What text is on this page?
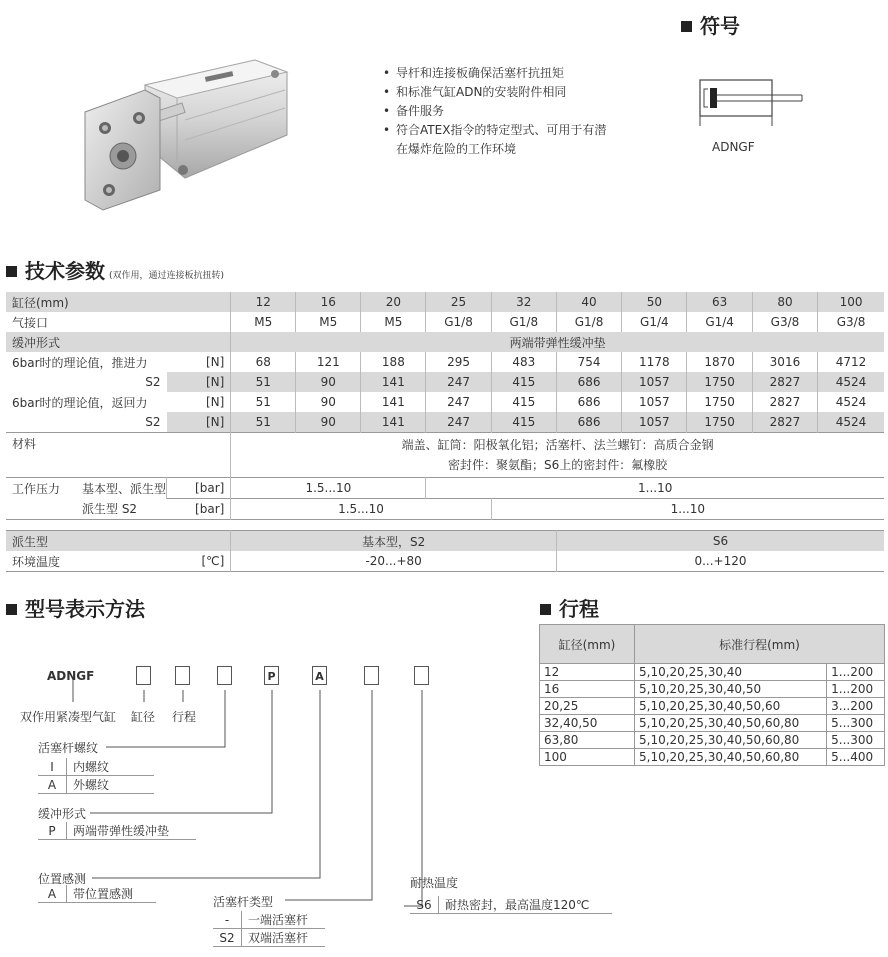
• 导杆和连接板确保活塞杆抗扭矩
• 和标准气缸ADN的安装附件相同
• 备件服务
• 符合ATEX指令的特定型式、可用于有潜在爆炸危险的工作环境
符号
ADNGF
技术参数 (双作用，通过连接板抗扭转)
缸径(mm)		12	16	20	25	32	40	50	63	80	100
气接口		M5	M5	M5	G1/8	G1/8	G1/8	G1/4	G1/4	G3/8	G3/8
缓冲形式		两端带弹性缓冲垫									
6bar时的理论值，推进力	[N]	68	121	188	295	483	754	1178	1870	3016	4712
S2	[N]	51	90	141	247	415	686	1057	1750	2827	4524
6bar时的理论值，返回力	[N]	51	90	141	247	415	686	1057	1750	2827	4524
S2	[N]	51	90	141	247	415	686	1057	1750	2827	4524
材料		端盖、缸筒：阳极氧化铝；活塞杆、法兰螺钉：高质合金钢
密封件：聚氨酯；S6上的密封件：氟橡胶									

工作压力 基本型、派生型	[bar]	1.5...10			1...10						
派生型 S2	[bar]	1.5...10				1...10					

派生型		基本型，S2					S6				
环境温度	[℃]	-20...+80					0...+120				
型号表示方法
ADNGF	P	A
双作用紧凑型气缸 缸径 行程
活塞杆螺纹
I	内螺纹
A	外螺纹
缓冲形式
P	两端带弹性缓冲垫
位置感测
A	带位置感测
活塞杆类型
-	一端活塞杆
S2	双端活塞杆
耐热温度
S6	耐热密封，最高温度120℃
行程
缸径(mm)	标准行程(mm)	
12	5,10,20,25,30,40	1...200
16	5,10,20,25,30,40,50	1...200
20,25	5,10,20,25,30,40,50,60	3...200
32,40,50	5,10,20,25,30,40,50,60,80	5...300
63,80	5,10,20,25,30,40,50,60,80	5...300
100	5,10,20,25,30,40,50,60,80	5...400
